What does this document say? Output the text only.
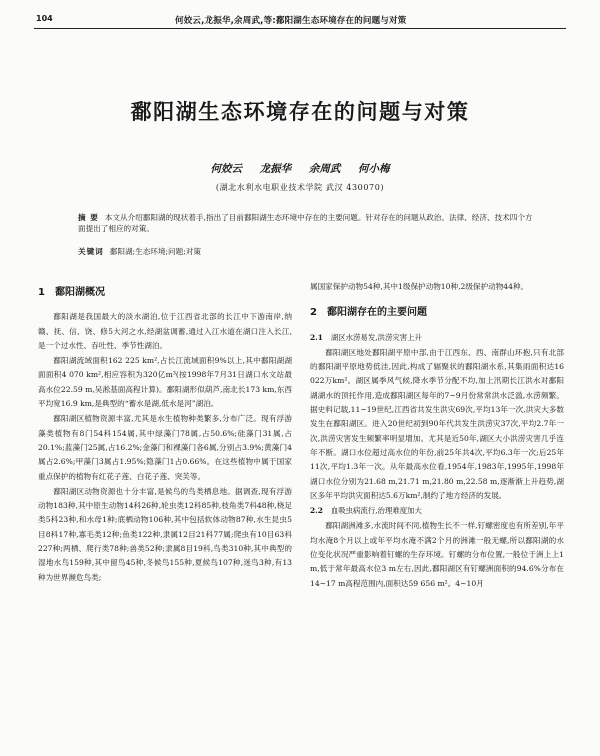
104	何姣云,龙振华,余周武,等:鄱阳湖生态环境存在的问题与对策
鄱阳湖生态环境存在的问题与对策
何姣云 龙振华 余周武 何小梅
(湖北水利水电职业技术学院 武汉 430070)
摘 要 本文从介绍鄱阳湖的现状着手,指出了目前鄱阳湖生态环境中存在的主要问题。针对存在的问题从政治、法律、经济、技术四个方面提出了相应的对策。
关键词 鄱阳湖;生态环境;问题;对策
1 鄱阳湖概况

鄱阳湖是我国最大的淡水湖泊,位于江西省北部的长江中下游南岸,纳赣、抚、信、饶、修5大河之水,经湖盆调蓄,通过入江水道在湖口注入长江,是一个过水性、吞吐性、季节性湖泊。

鄱阳湖流域面积162 225 km²,占长江流域面积9%以上,其中鄱阳湖湖面面积4 070 km²,相应容积为320亿m³(按1998年7月31日湖口水文站最高水位22.59 m,吴淞基面高程计算)。鄱阳湖形似葫芦,南北长173 km,东西平均宽16.9 km,是典型的“蓄水是湖,低水是河”湖泊。

鄱阳湖区植物资源丰富,尤其是水生植物种类繁多,分布广泛。现有浮游藻类植物有8门54科154属,其中绿藻门78属,占50.6%;硅藻门31属,占20.1%;蓝藻门25属,占16.2%;金藻门和裸藻门各6属,分别占3.9%;黄藻门4属占2.6%;甲藻门3属占1.95%;隐藻门1占0.66%。在这些植物中属于国家重点保护的植物有红花子莲、白花子莲、突芙等。

鄱阳湖区动物资源也十分丰富,是候鸟的鸟类栖息地。据调查,现有浮游动物183种,其中原生动物14科26种,轮虫类12科85种,枝角类7科48种,桡足类5科23种,和水母1种;底栖动物106种,其中包括软体动物87种,水生昆虫5目8科17种,寡毛类12种;鱼类122种,隶属12目21科77属;爬虫有10目63科227种;两栖、爬行类78种;兽类52种;隶属8目19科,鸟类310种,其中典型的湿地水鸟159种,其中留鸟45种,冬候鸟155种,夏候鸟107种,迷鸟3种,有13种为世界濒危鸟类;

属国家保护动物54种,其中1级保护动物10种,2级保护动物44种。

2 鄱阳湖存在的主要问题
2.1 湖区水涝易发,洪涝灾害上升

鄱阳湖区地处鄱阳湖平原中部,由于江西东、西、南群山环抱,只有北部的鄱阳湖平原地势低洼,因此,构成了辐聚状的鄱阳湖水系,其集雨面积达16 022万km²。湖区属季风气候,降水季节分配不均,加上汛期长江洪水对鄱阳湖湖水的顶托作用,造成鄱阳湖区每年的7~9月份常常洪水泛滥,水涝频繁。据史料记载,11~19世纪,江西省共发生洪灾69次,平均13年一次,洪灾大多数发生在鄱阳湖区。进入20世纪初到90年代共发生洪涝灾37次,平均2.7年一次,洪涝灾害发生频繁率明显增加。尤其是近50年,湖区大小洪涝灾害几乎连年不断。湖口水位超过高水位的年份,前25年共4次,平均6.3年一次;后25年11次,平均1.3年一次。从年最高水位看,1954年,1983年,1995年,1998年湖口水位分别为21.68 m,21.71 m,21.80 m,22.58 m,逐渐渐上升趋势,湖区多年平均洪灾面积达5.6万km²,制约了地方经济的发展。

2.2 血吸虫病流行,治理难度加大

鄱阳湖洲滩多,水流时间不同,植物生长不一样,钉螺密度也有所差别,年平均水淹8个月以上或年平均水淹不满2个月的洲滩一般无螺,所以鄱阳湖的水位变化状况严重影响着钉螺的生存环境。钉螺的分布位置,一般位于洲上上1 m,低于常年最高水位3 m左右,因此,鄱阳湖区有钉螺洲面积的94.6%分布在14~17 m高程范围内,面积达59 656 m²。4~10月
